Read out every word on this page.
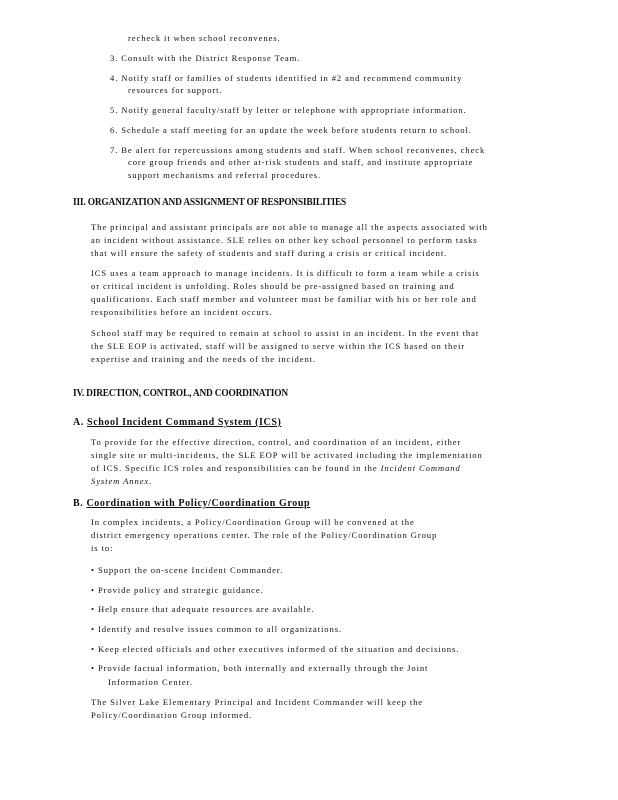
recheck it when school reconvenes.
3. Consult with the District Response Team.
4. Notify staff or families of students identified in #2 and recommend community
resources for support.
5. Notify general faculty/staff by letter or telephone with appropriate information.
6. Schedule a staff meeting for an update the week before students return to school.
7. Be alert for repercussions among students and staff. When school reconvenes, check
core group friends and other at-risk students and staff, and institute appropriate
support mechanisms and referral procedures.
III. ORGANIZATION AND ASSIGNMENT OF RESPONSIBILITIES
The principal and assistant principals are not able to manage all the aspects associated with
an incident without assistance. SLE relies on other key school personnel to perform tasks
that will ensure the safety of students and staff during a crisis or critical incident.
ICS uses a team approach to manage incidents. It is difficult to form a team while a crisis
or critical incident is unfolding. Roles should be pre-assigned based on training and
qualifications. Each staff member and volunteer must be familiar with his or her role and
responsibilities before an incident occurs.
School staff may be required to remain at school to assist in an incident. In the event that
the SLE EOP is activated, staff will be assigned to serve within the ICS based on their
expertise and training and the needs of the incident.
IV. DIRECTION, CONTROL, AND COORDINATION
A. School Incident Command System (ICS)
To provide for the effective direction, control, and coordination of an incident, either
single site or multi-incidents, the SLE EOP will be activated including the implementation
of ICS. Specific ICS roles and responsibilities can be found in the Incident Command
System Annex.
B. Coordination with Policy/Coordination Group
In complex incidents, a Policy/Coordination Group will be convened at the
district emergency operations center. The role of the Policy/Coordination Group
is to:
• Support the on-scene Incident Commander.
• Provide policy and strategic guidance.
• Help ensure that adequate resources are available.
• Identify and resolve issues common to all organizations.
• Keep elected officials and other executives informed of the situation and decisions.
• Provide factual information, both internally and externally through the Joint
Information Center.
The Silver Lake Elementary Principal and Incident Commander will keep the
Policy/Coordination Group informed.
